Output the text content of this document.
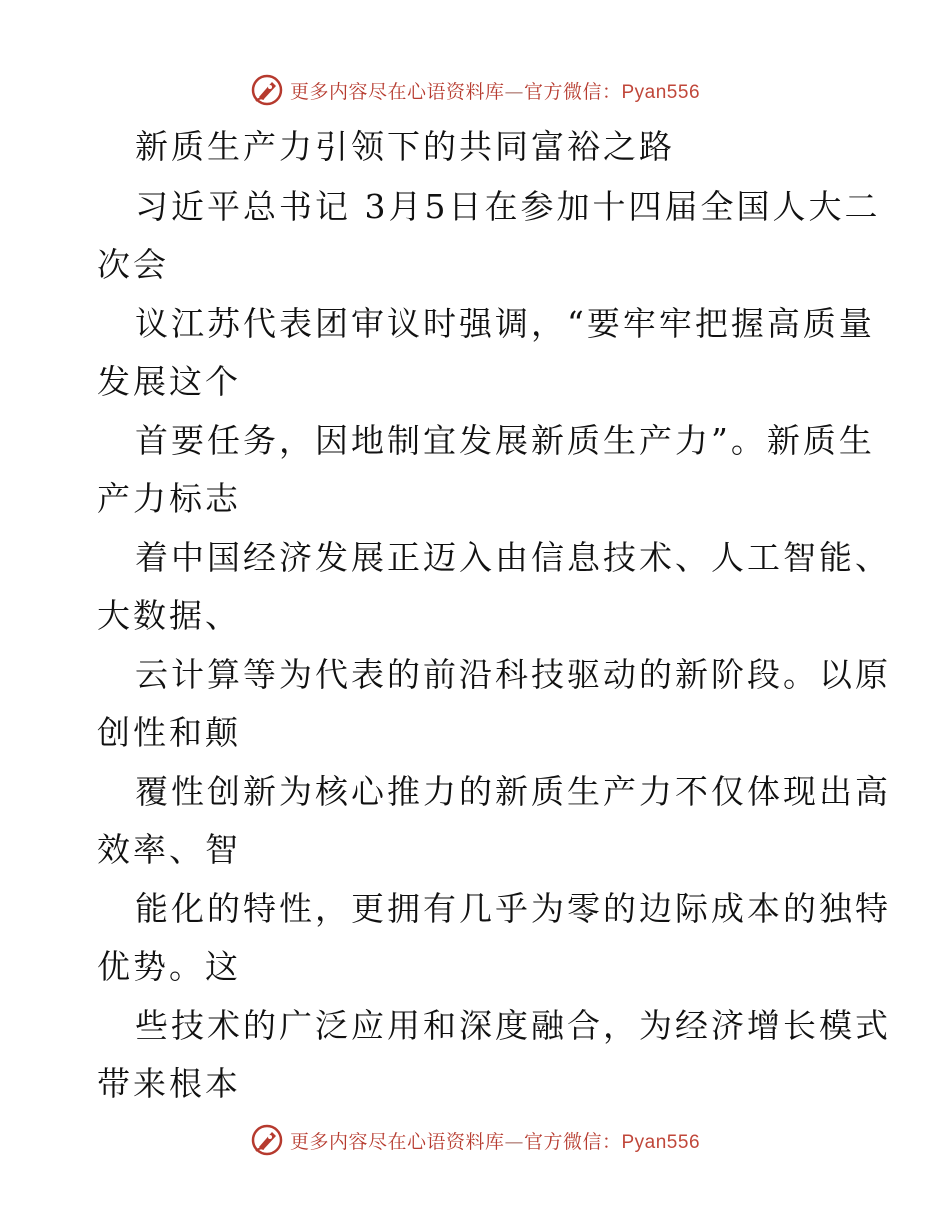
更多内容尽在心语资料库—官方微信：Pyan556
新质生产力引领下的共同富裕之路
习近平总书记 3月5日在参加十四届全国人大二
次会
议江苏代表团审议时强调，“要牢牢把握高质量
发展这个
首要任务，因地制宜发展新质生产力”。新质生
产力标志
着中国经济发展正迈入由信息技术、人工智能、
大数据、
云计算等为代表的前沿科技驱动的新阶段。以原
创性和颠
覆性创新为核心推力的新质生产力不仅体现出高
效率、智
能化的特性，更拥有几乎为零的边际成本的独特
优势。这
些技术的广泛应用和深度融合，为经济增长模式
带来根本
更多内容尽在心语资料库—官方微信：Pyan556
